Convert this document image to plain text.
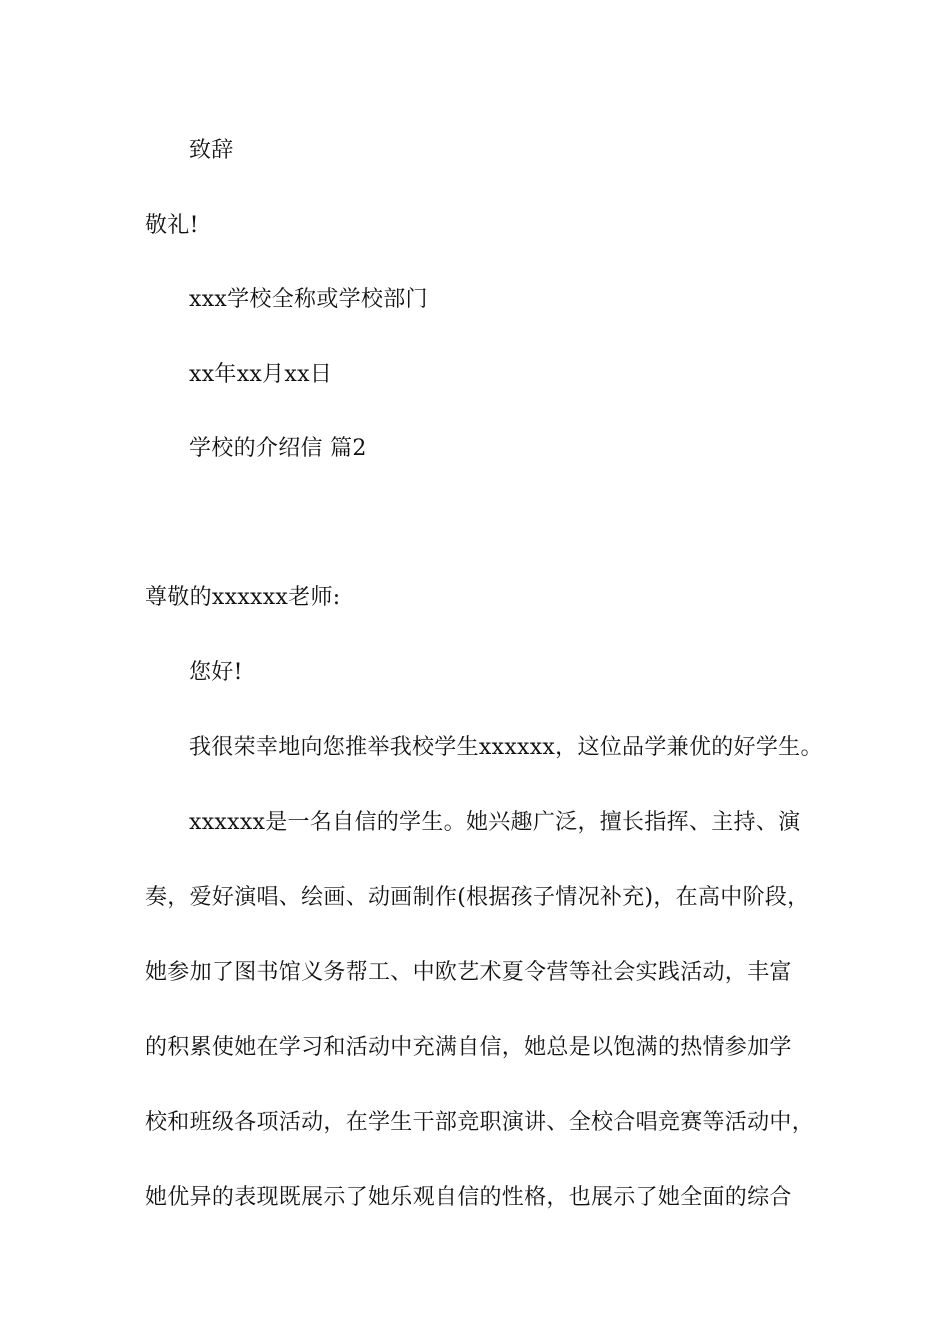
致辞
敬礼!
xxx学校全称或学校部门
xx年xx月xx日
学校的介绍信 篇2
尊敬的xxxxxx老师:
您好!
我很荣幸地向您推举我校学生xxxxxx，这位品学兼优的好学生。
xxxxxx是一名自信的学生。她兴趣广泛，擅长指挥、主持、演
奏，爱好演唱、绘画、动画制作(根据孩子情况补充)，在高中阶段，
她参加了图书馆义务帮工、中欧艺术夏令营等社会实践活动，丰富
的积累使她在学习和活动中充满自信，她总是以饱满的热情参加学
校和班级各项活动，在学生干部竞职演讲、全校合唱竞赛等活动中，
她优异的表现既展示了她乐观自信的性格，也展示了她全面的综合
